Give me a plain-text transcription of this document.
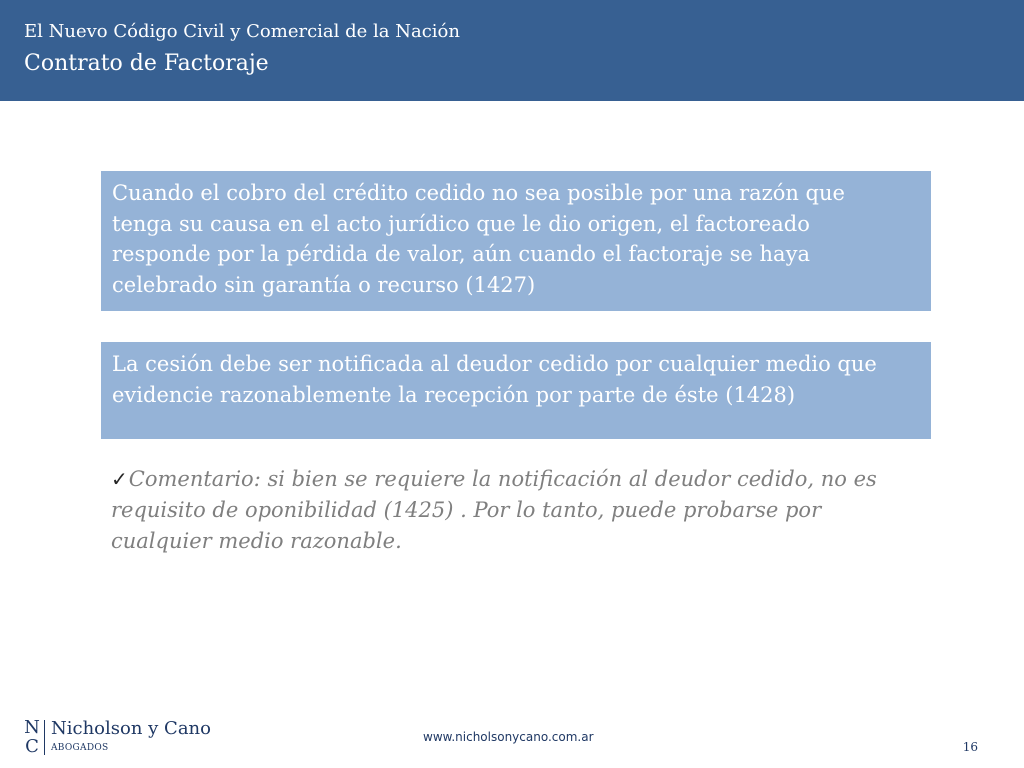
El Nuevo Código Civil y Comercial de la Nación
Contrato de Factoraje
Cuando el cobro del crédito cedido no sea posible por una razón que tenga su causa en el acto jurídico que le dio origen, el factoreado responde por la pérdida de valor, aún cuando el factoraje se haya celebrado sin garantía o recurso (1427)
La cesión debe ser notificada al deudor cedido por cualquier medio que evidencie razonablemente la recepción por parte de éste (1428)
✓Comentario: si bien se requiere la notificación al deudor cedido, no es requisito de oponibilidad (1425) . Por lo tanto, puede probarse por cualquier medio razonable.
N
C
Nicholson y Cano
ABOGADOS
www.nicholsonycano.com.ar
16
